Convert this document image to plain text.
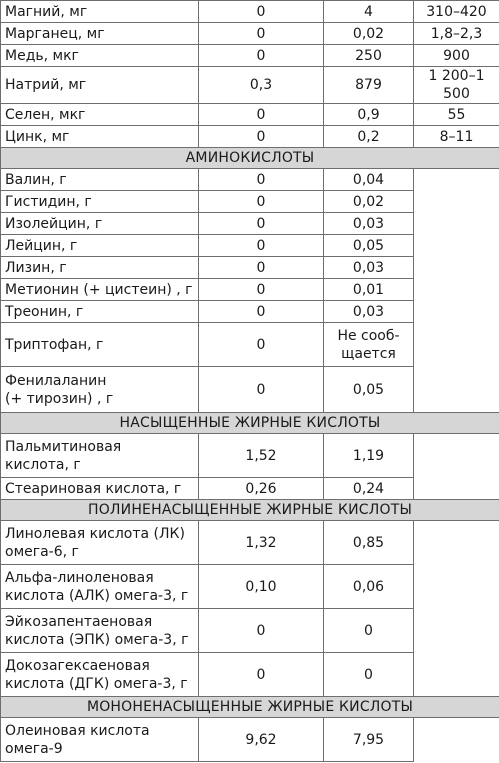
Магний, мг	0	4	310–420
Марганец, мг	0	0,02	1,8–2,3
Медь, мкг	0	250	900
Натрий, мг	0,3	879	1 200–1 500
Селен, мкг	0	0,9	55
Цинк, мг	0	0,2	8–11
АМИНОКИСЛОТЫ			
Валин, г	0	0,04	
Гистидин, г	0	0,02	
Изолейцин, г	0	0,03	
Лейцин, г	0	0,05	
Лизин, г	0	0,03	
Метионин (+ цистеин) , г	0	0,01	
Треонин, г	0	0,03	
Триптофан, г	0	Не сооб-
щается	

Фенилаланин
(+ тирозин) , г	0	0,05	
НАСЫЩЕННЫЕ ЖИРНЫЕ КИСЛОТЫ			

Пальмитиновая
кислота, г	1,52	1,19	
Стеариновая кислота, г	0,26	0,24	
ПОЛИНЕНАСЫЩЕННЫЕ ЖИРНЫЕ КИСЛОТЫ			

Линолевая кислота (ЛК)
омега-6, г	1,32	0,85	

Альфа-линоленовая
кислота (АЛК) омега-3, г	0,10	0,06	

Эйкозапентаеновая
кислота (ЭПК) омега-3, г	0	0	

Докозагексаеновая
кислота (ДГК) омега-3, г	0	0	
МОНОНЕНАСЫЩЕННЫЕ ЖИРНЫЕ КИСЛОТЫ			

Олеиновая кислота
омега-9	9,62	7,95	
